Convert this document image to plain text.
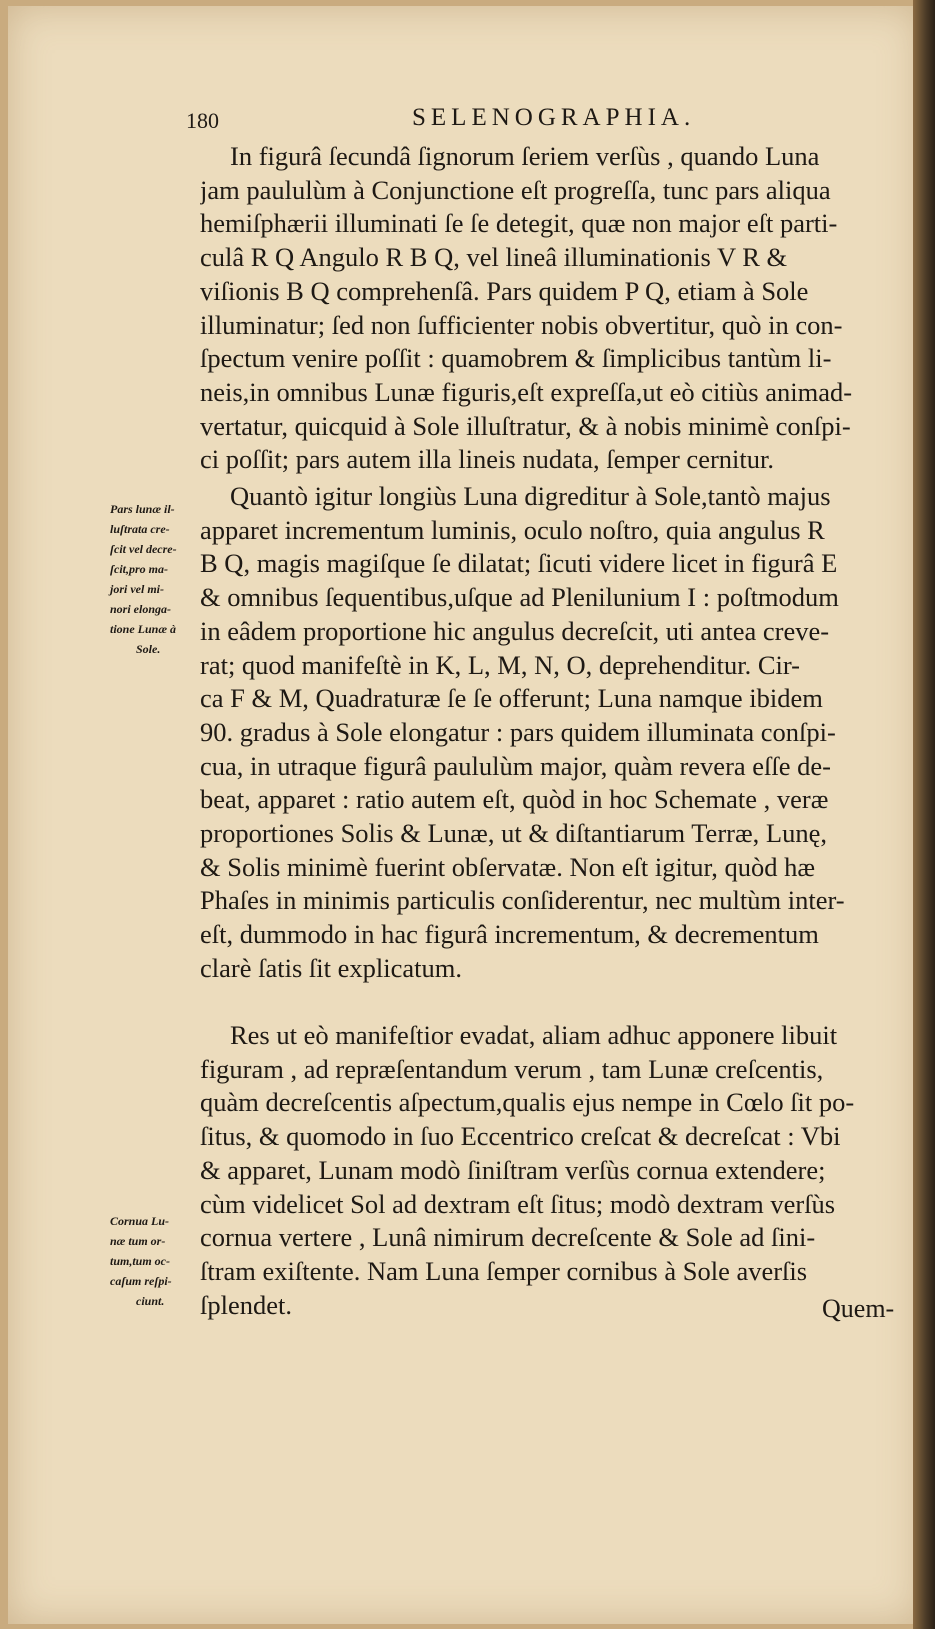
180	SELENOGRAPHIA.

In figurâ ſecundâ ſignorum ſeriem verſùs , quando Luna
jam paululùm à Conjunctione eſt progreſſa, tunc pars aliqua
hemiſphærii illuminati ſe ſe detegit, quæ non major eſt parti-
culâ R Q Angulo R B Q, vel lineâ illuminationis V R &
viſionis B Q comprehenſâ. Pars quidem P Q, etiam à Sole
illuminatur; ſed non ſufficienter nobis obvertitur, quò in con-
ſpectum venire poſſit : quamobrem & ſimplicibus tantùm li-
neis,in omnibus Lunæ figuris,eſt expreſſa,ut eò citiùs animad-
vertatur, quicquid à Sole illuſtratur, & à nobis minimè conſpi-
ci poſſit; pars autem illa lineis nudata, ſemper cernitur.

Quantò igitur longiùs Luna digreditur à Sole,tantò majus
apparet incrementum luminis, oculo noſtro, quia angulus R
B Q, magis magiſque ſe dilatat; ſicuti videre licet in figurâ E
& omnibus ſequentibus,uſque ad Plenilunium I : poſtmodum
in eâdem proportione hic angulus decreſcit, uti antea creve-
rat; quod manifeſtè in K, L, M, N, O, deprehenditur. Cir-
ca F & M, Quadraturæ ſe ſe offerunt; Luna namque ibidem
90. gradus à Sole elongatur : pars quidem illuminata conſpi-
cua, in utraque figurâ paululùm major, quàm revera eſſe de-
beat, apparet : ratio autem eſt, quòd in hoc Schemate , veræ
proportiones Solis & Lunæ, ut & diſtantiarum Terræ, Lunę,
& Solis minimè fuerint obſervatæ. Non eſt igitur, quòd hæ
Phaſes in minimis particulis conſiderentur, nec multùm inter-
eſt, dummodo in hac figurâ incrementum, & decrementum
clarè ſatis ſit explicatum.

Res ut eò manifeſtior evadat, aliam adhuc apponere libuit
figuram , ad repræſentandum verum , tam Lunæ creſcentis,
quàm decreſcentis aſpectum,qualis ejus nempe in Cœlo ſit po-
ſitus, & quomodo in ſuo Eccentrico creſcat & decreſcat : Vbi
& apparet, Lunam modò ſiniſtram verſùs cornua extendere;
cùm videlicet Sol ad dextram eſt ſitus; modò dextram verſùs
cornua vertere , Lunâ nimirum decreſcente & Sole ad ſini-
ſtram exiſtente. Nam Luna ſemper cornibus à Sole averſis
ſplendet.

Pars lunæ il-
luſtrata cre-
ſcit vel decre-
ſcit,pro ma-
jori vel mi-
nori elonga-
tione Lunæ à
Sole.

Cornua Lu-
næ tum or-
tum,tum oc-
caſum reſpi-
ciunt.	Quem-
